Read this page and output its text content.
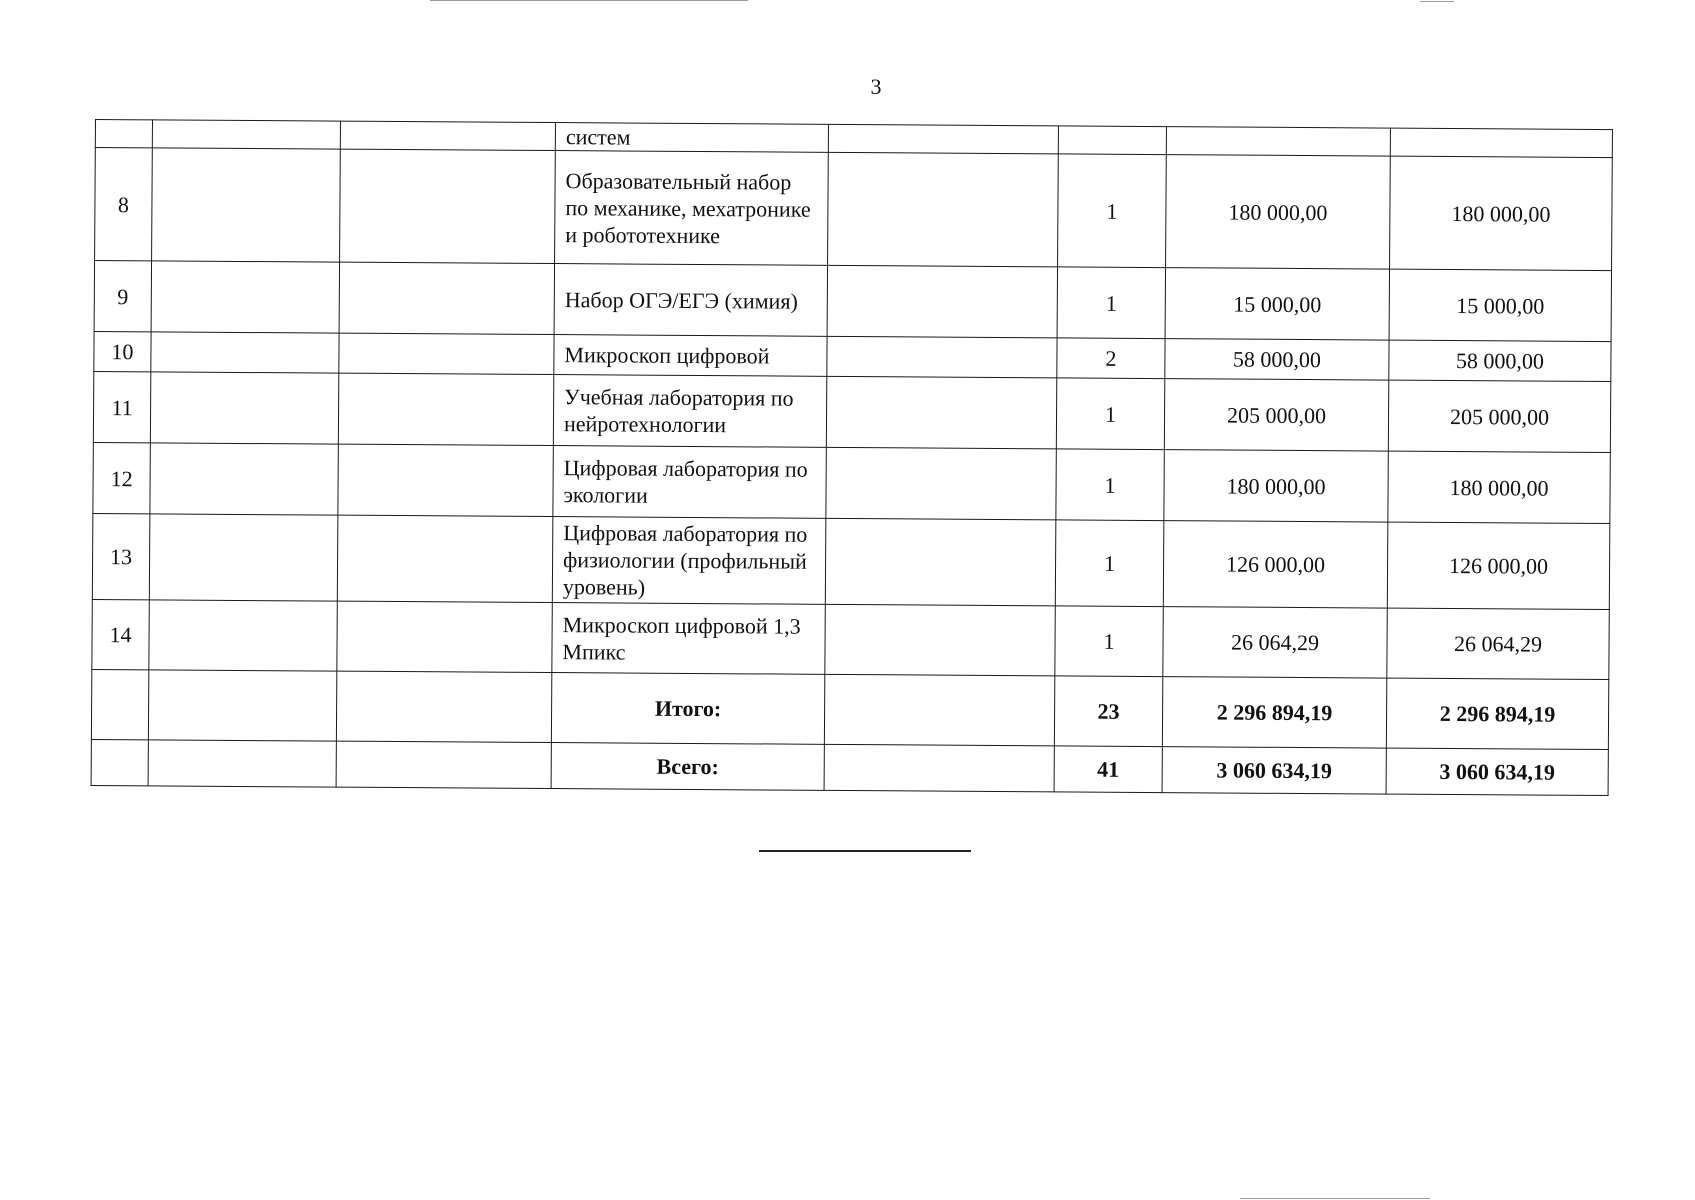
3
			систем				
8			Образовательный набор по механике, мехатронике и робототехнике		1	180 000,00	180 000,00
9			Набор ОГЭ/ЕГЭ (химия)		1	15 000,00	15 000,00
10			Микроскоп цифровой		2	58 000,00	58 000,00
11			Учебная лаборатория по нейротехнологии		1	205 000,00	205 000,00
12			Цифровая лаборатория по экологии		1	180 000,00	180 000,00
13			Цифровая лаборатория по физиологии (профильный уровень)		1	126 000,00	126 000,00
14			Микроскоп цифровой 1,3 Мпикс		1	26 064,29	26 064,29
			Итого:		23	2 296 894,19	2 296 894,19
			Всего:		41	3 060 634,19	3 060 634,19
